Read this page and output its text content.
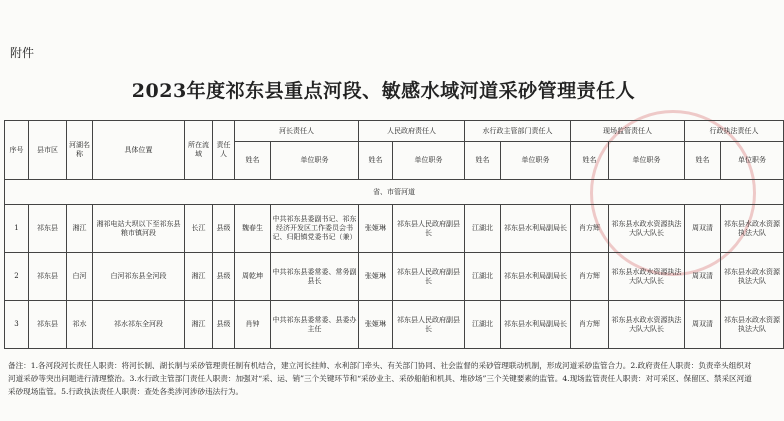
附件
2023年度祁东县重点河段、敏感水域河道采砂管理责任人
序号	县市区	河湖名称	具体位置	所在流域	责任人	河长责任人		人民政府责任人		水行政主管部门责任人		现场监管责任人		行政执法责任人	
						姓名	单位职务	姓名	单位职务	姓名	单位职务	姓名	单位职务	姓名	单位职务
省、市管河道															
1	祁东县	湘江	湘祁电站大坝以下至祁东县粮市镇河段	长江	县级	魏春生	中共祁东县委副书记、祁东经济开发区工作委员会书记、归阳镇党委书记（兼）	张姬琳	祁东县人民政府副县长	江湖北	祁东县水利局副局长	肖方辉	祁东县水政水资源执法大队大队长	周双清	祁东县水政水资源执法大队
2	祁东县	白河	白河祁东县全河段	湘江	县级	周乾坤	中共祁东县委常委、常务副县长	张姬琳	祁东县人民政府副县长	江湖北	祁东县水利局副局长	肖方辉	祁东县水政水资源执法大队大队长	周双清	祁东县水政水资源执法大队
3	祁东县	祁水	祁水祁东全河段	湘江	县级	肖钟	中共祁东县委常委、县委办主任	张姬琳	祁东县人民政府副县长	江湖北	祁东县水利局副局长	肖方辉	祁东县水政水资源执法大队大队长	周双清	祁东县水政水资源执法大队
备注：1.各河段河长责任人职责：将河长制、湖长制与采砂管理责任制有机结合，建立河长挂帅、水利部门牵头、有关部门协同、社会监督的采砂管理联动机制，形成河道采砂监管合力。2.政府责任人职责：负责牵头组织对河道采砂等突出问题进行清理整治。3.水行政主管部门责任人职责：加强对“采、运、销”三个关键环节和“采砂业主、采砂船舶和机具、堆砂场”三个关键要素的监管。4.现场监管责任人职责：对可采区、保留区、禁采区河道采砂现场监管。5.行政执法责任人职责：查处各类涉河涉砂违法行为。
